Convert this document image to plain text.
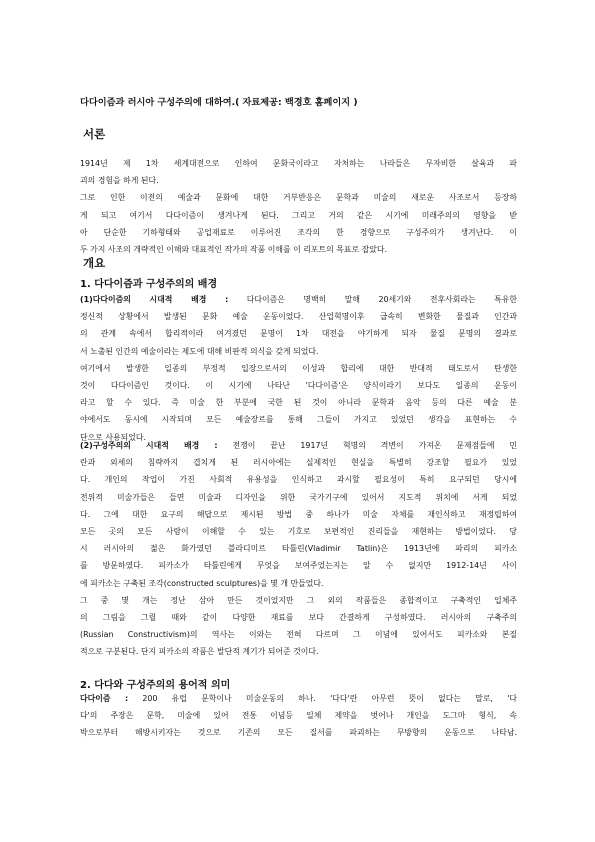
다다이즘과 러시아 구성주의에 대하여.( 자료제공: 백경호 홈페이지 )
서론
1914년 제 1차 세계대전으로 인하여 문화국이라고 자처하는 나라들은 무자비한 살육과 파
괴의 경험을 하게 된다.
그로 인한 이전의 예술과 문화에 대한 거부반응은 문학과 미술의 새로운 사조로서 등장하
게 되고 여기서 다다이즘이 생겨나게 된다. 그리고 거의 같은 시기에 미래주의의 영향을 받
아 단순한 기하형태와 공업재료로 이루어진 조각의 한 경향으로 구성주의가 생겨난다. 이
두 가지 사조의 개략적인 이해와 대표적인 작가의 작품 이해를 이 리포트의 목표로 잡았다.
개요
1. 다다이즘과 구성주의의 배경
(1)다다이즘의 시대적 배경 : 다다이즘은 명백히 말해 20세기와 전후사회라는 특유한
정신적 상황에서 발생된 문화 예술 운동이었다. 산업혁명이후 급속히 변화한 물질과 인간과
의 관계 속에서 합리적이라 여겨졌던 문명이 1차 대전을 야기하게 되자 물질 문명의 결과로
서 노출된 인간의 예술이라는 제도에 대해 비판적 의식을 갖게 되었다.
여기에서 발생한 일종의 부정적 입장으로서의 이성과 합리에 대한 반대적 태도로서 탄생한
것이 다다이즘인 것이다. 이 시기에 나타난 '다다이즘'은 양식이라기 보다도 일종의 운동이
라고 할 수 있다. 즉 미술 한 부분에 국한 된 것이 아니라 문학과 음악 등의 다른 예술 분
야에서도 동시에 시작되며 모든 예술장르를 통해 그들이 가지고 있었던 생각을 표현하는 수
단으로 사용되었다.
(2)구성주의의 시대적 배경 : 전쟁이 끝난 1917년 혁명의 격변이 가져온 문제점들에 민
란과 외세의 침략까지 겹치게 된 러시아에는 실제적인 현실을 특별히 강조할 필요가 있었
다. 개인의 작업이 가진 사회적 유용성을 인식하고 과시할 필요성이 특히 요구되던 당시에
전위적 미술가들은 들면 미술과 디자인을 위한 국가기구에 있어서 지도적 위치에 서게 되었
다. 그에 대한 요구의 해답으로 제시된 방법 중 하나가 미술 자체를 재인식하고 재정립하여
모든 곳의 모든 사람이 이해할 수 있는 기호로 보편적인 진리들을 재현하는 방법이었다. 당
시 러시아의 젊은 화가였던 블라디미르 타틀린(Vladimir Tatlin)은 1913년에 파리의 피카소
를 방문하였다. 피카소가 타틀린에게 무엇을 보여주었는지는 알 수 없지만 1912-14년 사이
에 피카소는 구축된 조각(constructed sculptures)을 몇 개 만들었다.
그 중 몇 개는 정난 삼아 만든 것이었지만 그 외의 작품들은 종합적이고 구축적인 입체주
의 그림을 그릴 때와 같이 다양한 재료를 보다 간결하게 구성하였다. 러시아의 구축주의
(Russian Constructivism)의 역사는 이와는 전혀 다르며 그 이념에 있어서도 피카소와 본질
적으로 구분된다. 단지 피카소의 작품은 발단적 계기가 되어준 것이다.
2. 다다와 구성주의의 용어적 의미
다다이즘 : 200 유럽 문학이나 미술운동의 하나. '다다'란 아무런 뜻이 없다는 말로, '다
다'의 주장은 문학, 미술에 있어 전통 이념등 일체 제약을 벗어나 개인을 도그마 형식, 속
박으로부터 해방시키자는 것으로 기존의 모든 질서를 파괴하는 무방향의 운동으로 나타남.
